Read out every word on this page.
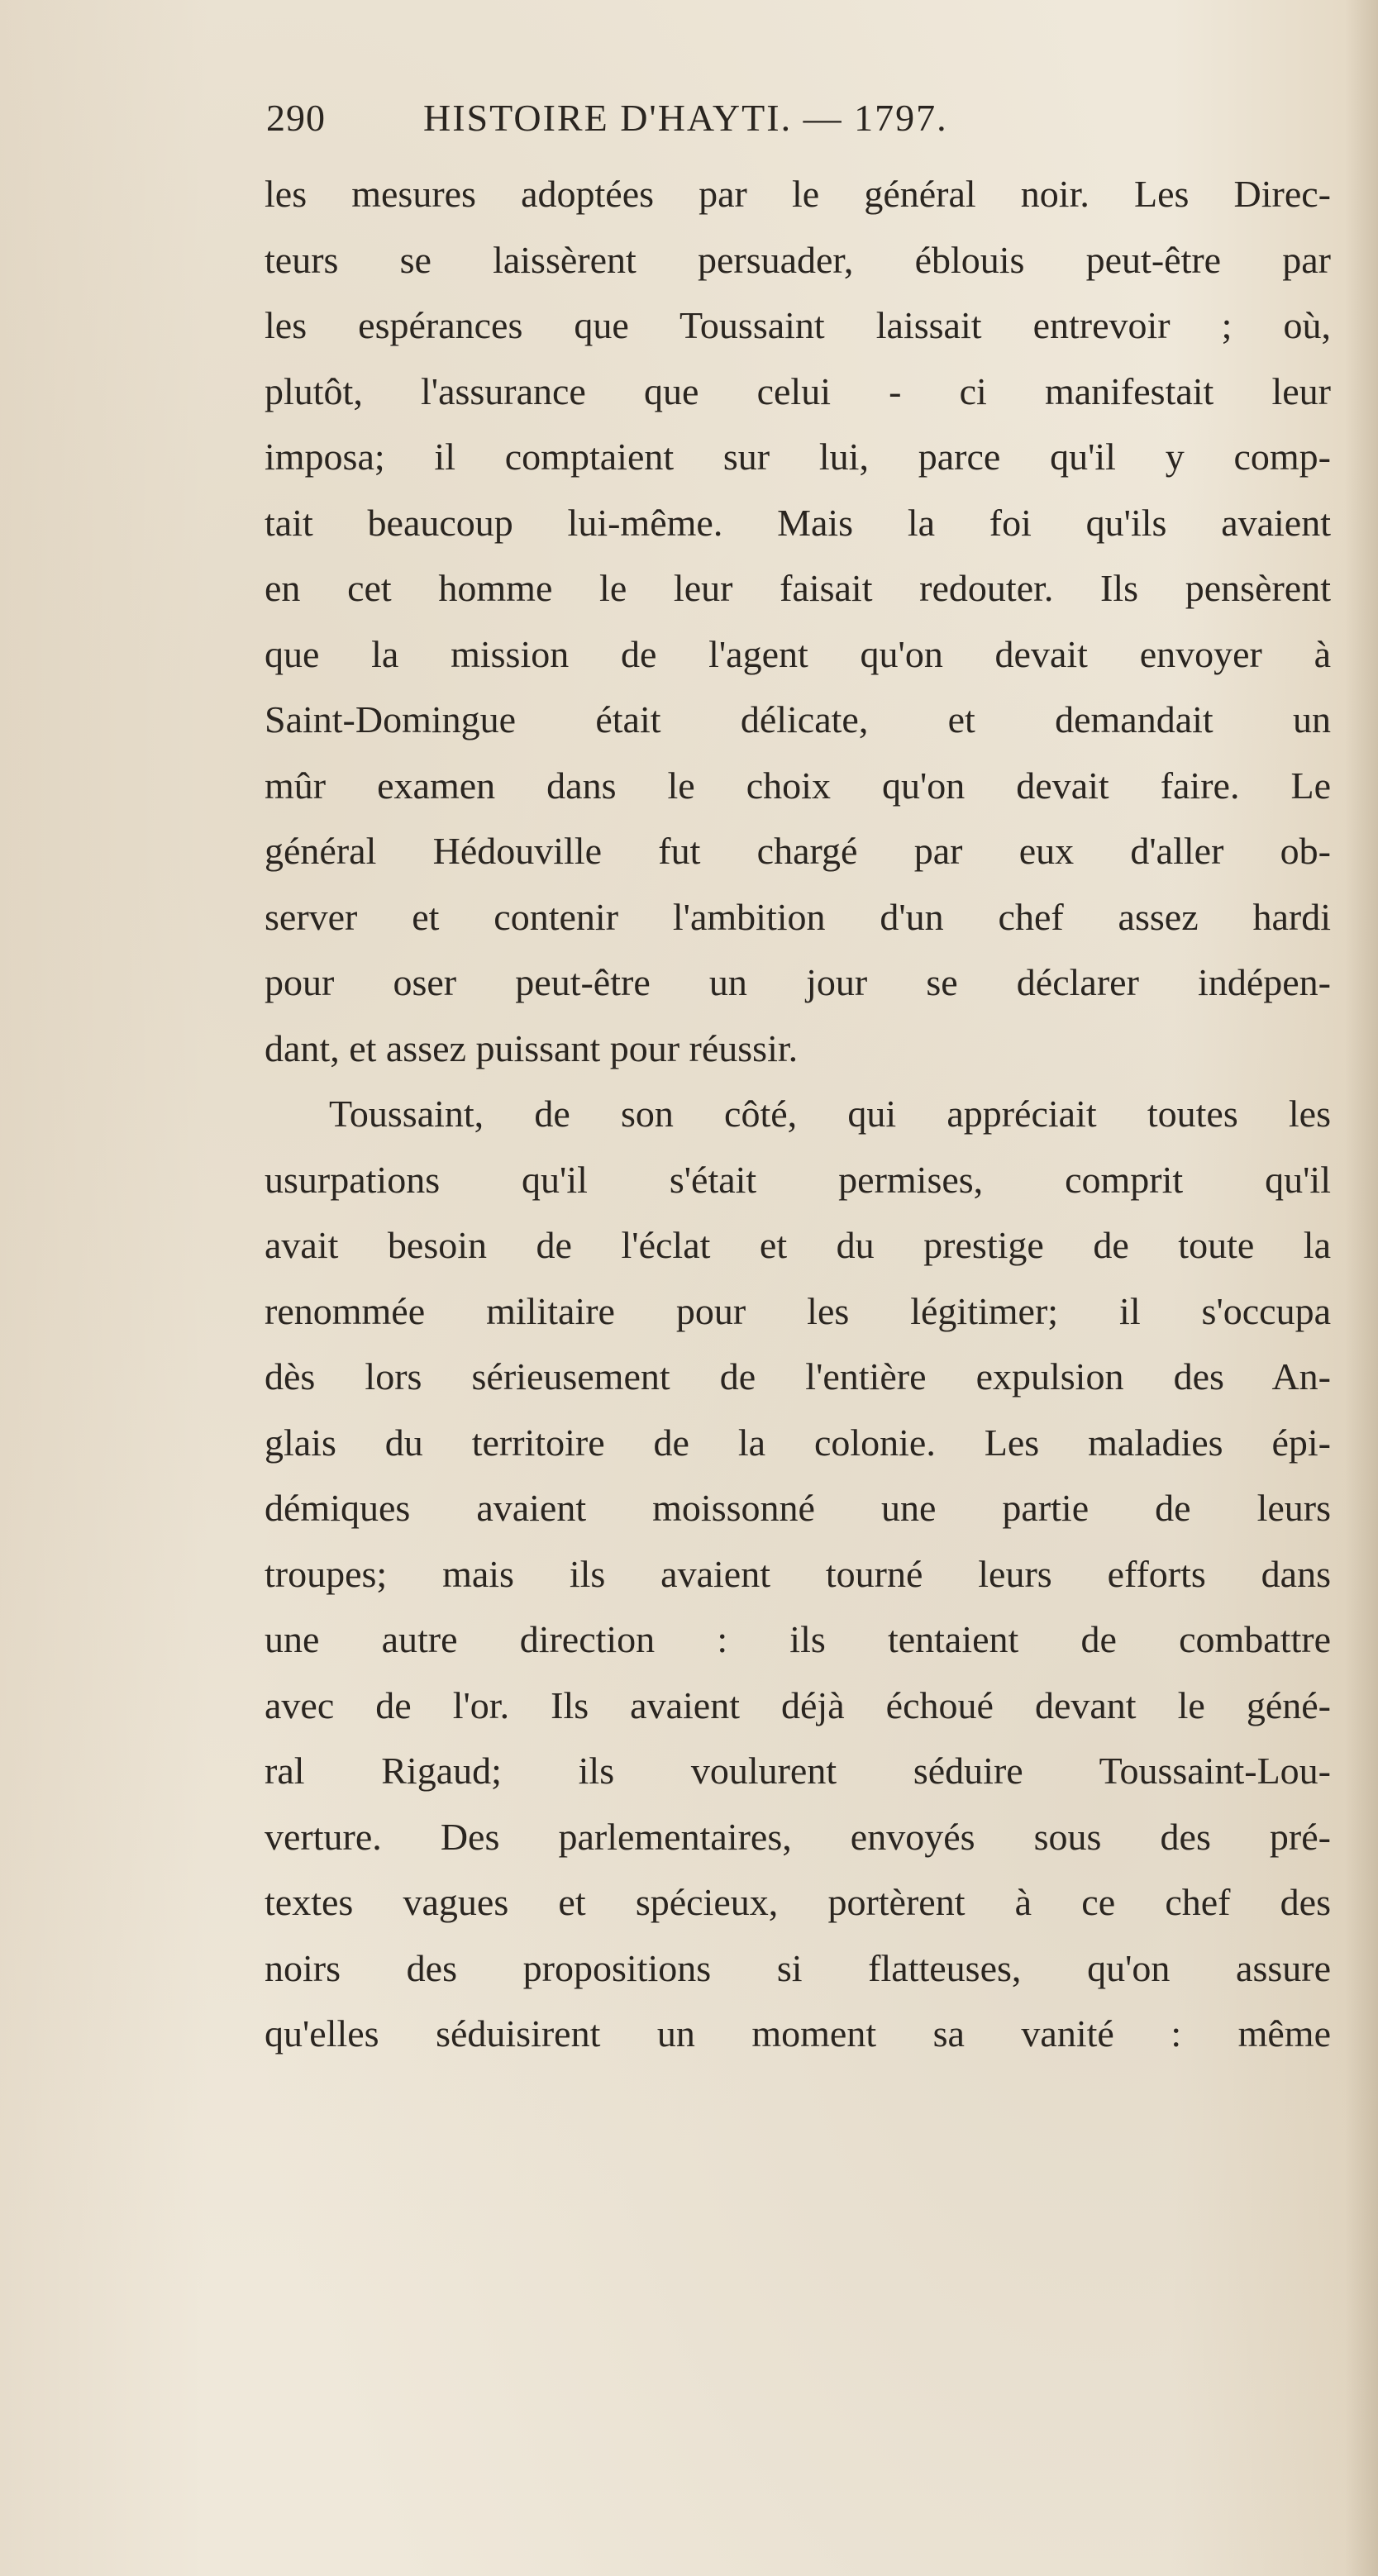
290	HISTOIRE D'HAYTI. — 1797.
les mesures adoptées par le général noir. Les Direc-
teurs se laissèrent persuader, éblouis peut-être par
les espérances que Toussaint laissait entrevoir ; où,
plutôt, l'assurance que celui - ci manifestait leur
imposa; il comptaient sur lui, parce qu'il y comp-
tait beaucoup lui-même. Mais la foi qu'ils avaient
en cet homme le leur faisait redouter. Ils pensèrent
que la mission de l'agent qu'on devait envoyer à
Saint-Domingue était délicate, et demandait un
mûr examen dans le choix qu'on devait faire. Le
général Hédouville fut chargé par eux d'aller ob-
server et contenir l'ambition d'un chef assez hardi
pour oser peut-être un jour se déclarer indépen-
dant, et assez puissant pour réussir.
Toussaint, de son côté, qui appréciait toutes les
usurpations qu'il s'était permises, comprit qu'il
avait besoin de l'éclat et du prestige de toute la
renommée militaire pour les légitimer; il s'occupa
dès lors sérieusement de l'entière expulsion des An-
glais du territoire de la colonie. Les maladies épi-
démiques avaient moissonné une partie de leurs
troupes; mais ils avaient tourné leurs efforts dans
une autre direction : ils tentaient de combattre
avec de l'or. Ils avaient déjà échoué devant le géné-
ral Rigaud; ils voulurent séduire Toussaint-Lou-
verture. Des parlementaires, envoyés sous des pré-
textes vagues et spécieux, portèrent à ce chef des
noirs des propositions si flatteuses, qu'on assure
qu'elles séduisirent un moment sa vanité : même
